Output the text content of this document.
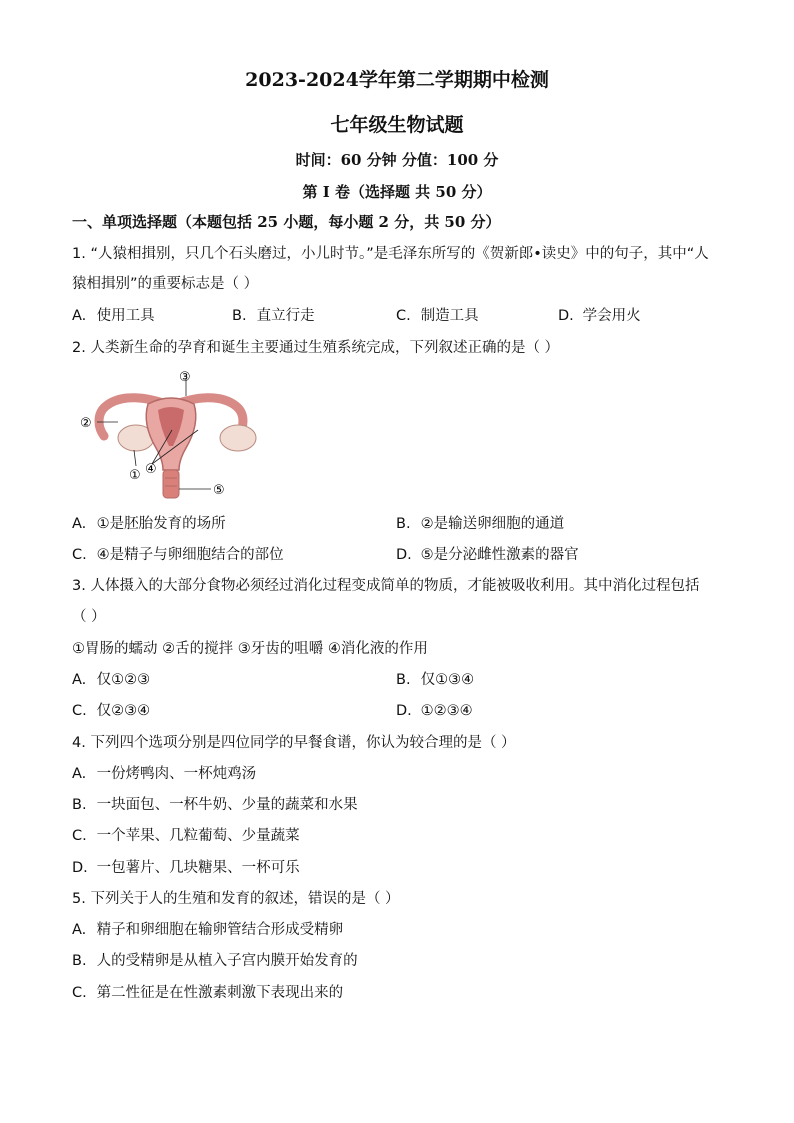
2023-2024学年第二学期期中检测
七年级生物试题
时间：60 分钟 分值：100 分
第 I 卷（选择题 共 50 分）
一、单项选择题（本题包括 25 小题，每小题 2 分，共 50 分）
1. “人猿相揖别，只几个石头磨过，小儿时节。”是毛泽东所写的《贺新郎•读史》中的句子，其中“人
猿相揖别”的重要标志是（ ）
A. 使用工具	B. 直立行走	C. 制造工具	D. 学会用火
2. 人类新生命的孕育和诞生主要通过生殖系统完成，下列叙述正确的是（ ）
③
②
① ④
⑤
A. ①是胚胎发育的场所	B. ②是输送卵细胞的通道
C. ④是精子与卵细胞结合的部位	D. ⑤是分泌雌性激素的器官
3. 人体摄入的大部分食物必须经过消化过程变成简单的物质，才能被吸收利用。其中消化过程包括
（ ）
①胃肠的蠕动 ②舌的搅拌 ③牙齿的咀嚼 ④消化液的作用
A. 仅①②③	B. 仅①③④
C. 仅②③④	D. ①②③④
4. 下列四个选项分别是四位同学的早餐食谱，你认为较合理的是（ ）
A. 一份烤鸭肉、一杯炖鸡汤
B. 一块面包、一杯牛奶、少量的蔬菜和水果
C. 一个苹果、几粒葡萄、少量蔬菜
D. 一包薯片、几块糖果、一杯可乐
5. 下列关于人的生殖和发育的叙述，错误的是（ ）
A. 精子和卵细胞在输卵管结合形成受精卵
B. 人的受精卵是从植入子宫内膜开始发育的
C. 第二性征是在性激素刺激下表现出来的
